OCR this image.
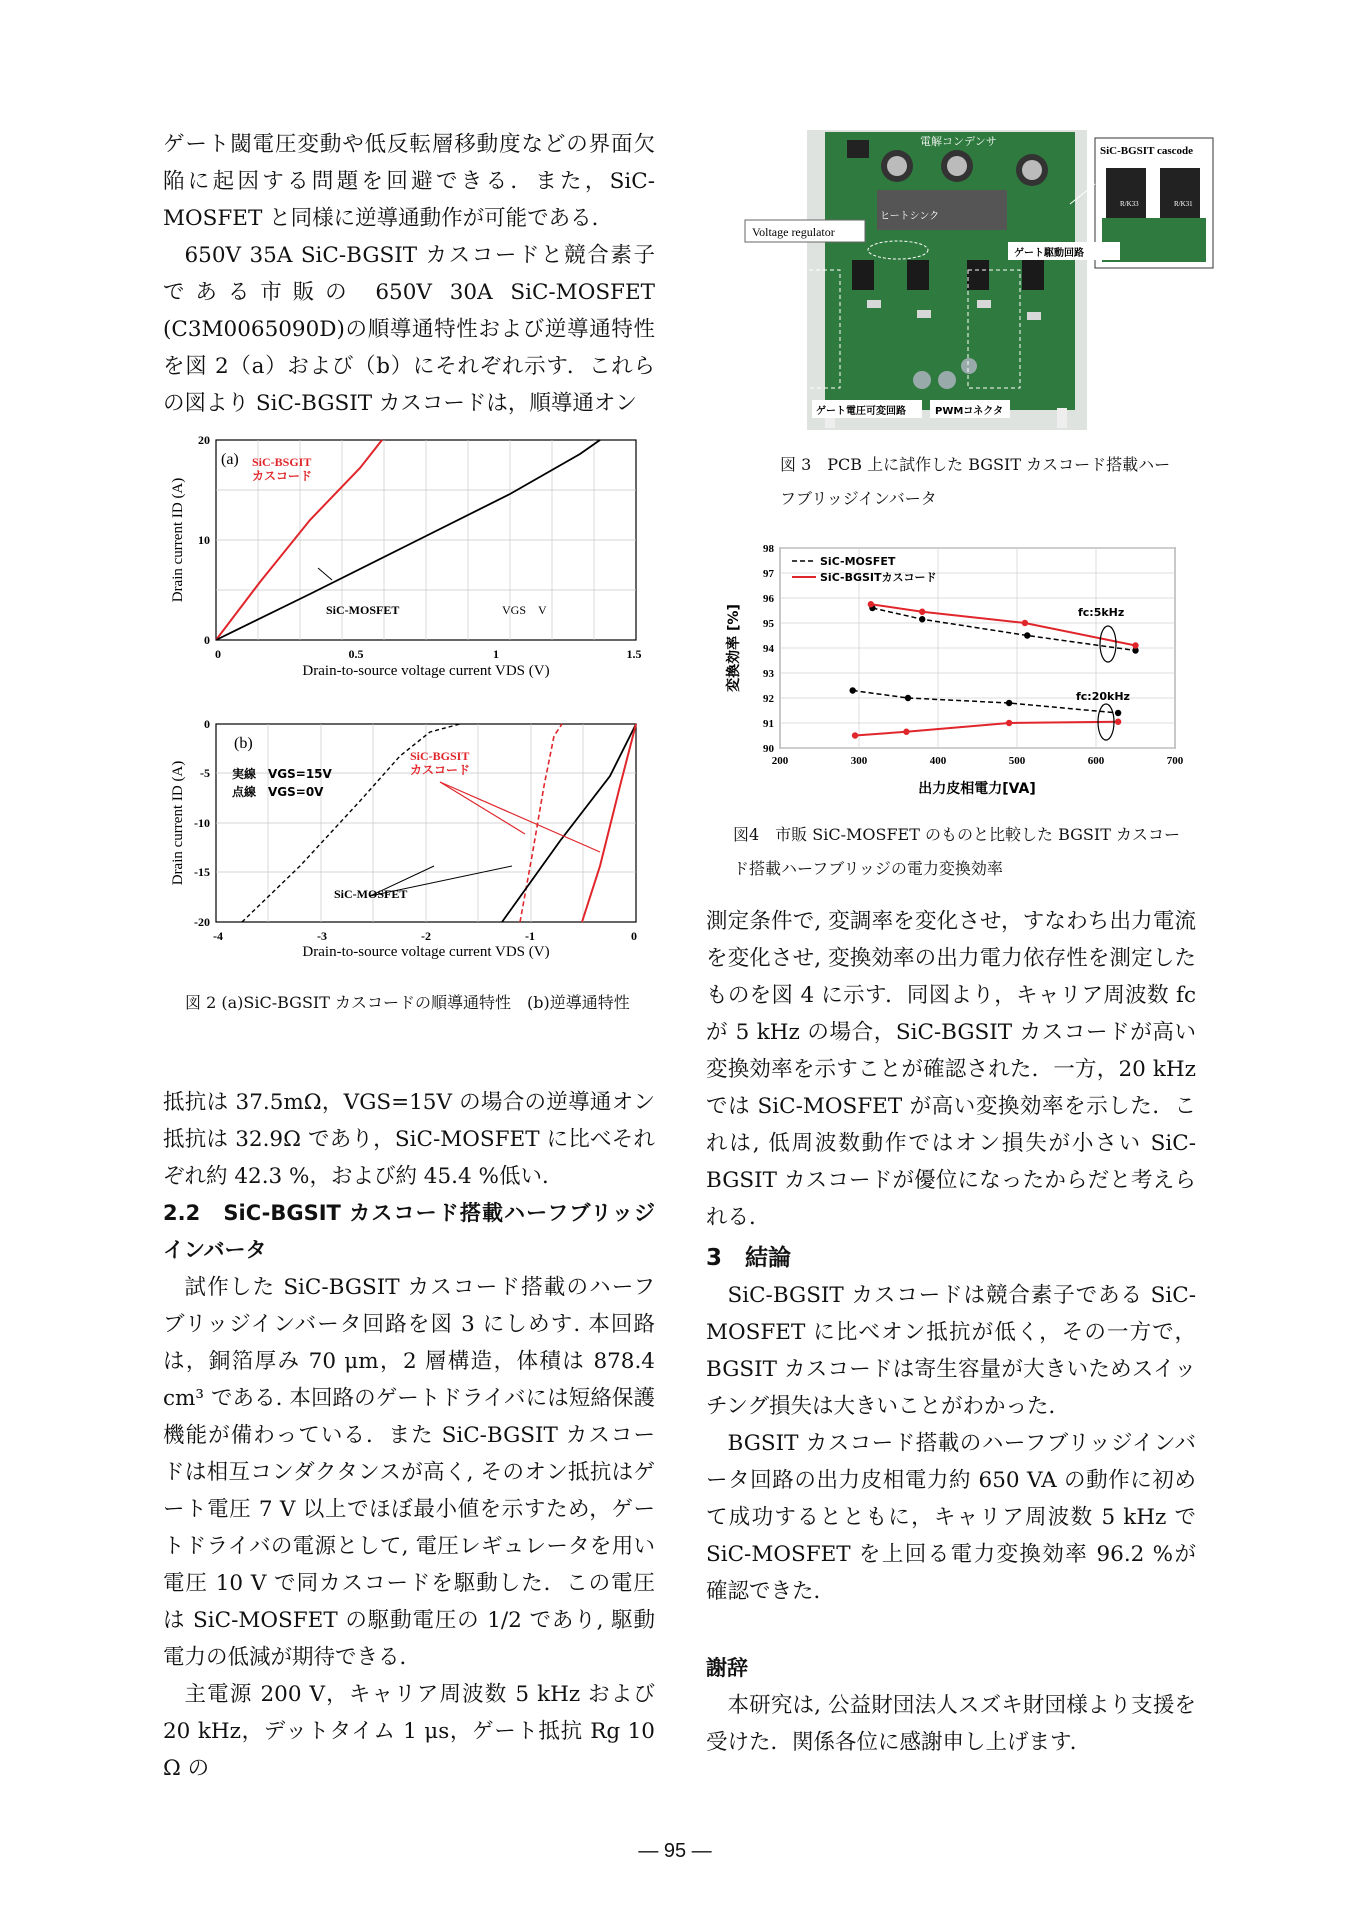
ゲート閾電圧変動や低反転層移動度などの界面欠陥に起因する問題を回避できる．また，SiC-MOSFET と同様に逆導通動作が可能である．

650V 35A SiC-BGSIT カスコードと競合素子である市販の 650V 30A SiC-MOSFET (C3M0065090D)の順導通特性および逆導通特性を図 2（a）および（b）にそれぞれ示す．これらの図より SiC-BGSIT カスコードは，順導通オン

(a) SiC-BSGIT
カスコード
SiC-MOSFET	VGS　V
20
10
0
0	0.5	1	1.5
Drain-to-source voltage current VDS (V)
Drain current ID (A)
(b)
実線　VGS=15V
点線　VGS=0V
SiC-BGSIT
カスコード
SiC-MOSFET
0
-5
-10
-15
-20
-4	-3	-2	-1	0
Drain-to-source voltage current VDS (V)
Drain current ID (A)
図 2 (a)SiC-BGSIT カスコードの順導通特性　(b)逆導通特性

抵抗は 37.5mΩ，VGS=15V の場合の逆導通オン抵抗は 32.9Ω であり，SiC-MOSFET に比べそれぞれ約 42.3 %，および約 45.4 %低い．

2.2　SiC-BGSIT カスコード搭載ハーフブリッジインバータ

試作した SiC-BGSIT カスコード搭載のハーフブリッジインバータ回路を図 3 にしめす. 本回路は，銅箔厚み 70 μm，2 層構造，体積は 878.4 cm³ である. 本回路のゲートドライバには短絡保護機能が備わっている．また SiC-BGSIT カスコードは相互コンダクタンスが高く, そのオン抵抗はゲート電圧 7 V 以上でほぼ最小値を示すため，ゲートドライバの電源として, 電圧レギュレータを用い電圧 10 V で同カスコードを駆動した．この電圧は SiC-MOSFET の駆動電圧の 1/2 であり, 駆動電力の低減が期待できる．

主電源 200 V，キャリア周波数 5 kHz および 20 kHz，デットタイム 1 μs，ゲート抵抗 Rg 10 Ω の

電解コンデンサ
SiC-BGSIT cascode
R/K33	R/K31
Voltage regulator
ヒートシンク
ゲート駆動回路
ゲート電圧可変回路	PWMコネクタ
図 3　PCB 上に試作した BGSIT カスコード搭載ハーフブリッジインバータ
90
91
92
93
94
95
96
97
98
200	300	400	500	600	700
SiC-MOSFET
SiC-BGSITカスコード
fc:5kHz
fc:20kHz
出力皮相電力[VA]
変換効率 [%]
図4　市販 SiC-MOSFET のものと比較した BGSIT カスコード搭載ハーフブリッジの電力変換効率

測定条件で, 変調率を変化させ，すなわち出力電流を変化させ, 変換効率の出力電力依存性を測定したものを図 4 に示す．同図より，キャリア周波数 fc が 5 kHz の場合，SiC-BGSIT カスコードが高い変換効率を示すことが確認された．一方，20 kHz では SiC-MOSFET が高い変換効率を示した．これは, 低周波数動作ではオン損失が小さい SiC-BGSIT カスコードが優位になったからだと考えられる．

3　結論

SiC-BGSIT カスコードは競合素子である SiC-MOSFET に比べオン抵抗が低く，その一方で，BGSIT カスコードは寄生容量が大きいためスイッチング損失は大きいことがわかった．

BGSIT カスコード搭載のハーフブリッジインバータ回路の出力皮相電力約 650 VA の動作に初めて成功するとともに，キャリア周波数 5 kHz で SiC-MOSFET を上回る電力変換効率 96.2 %が確認できた．

謝辞

本研究は, 公益財団法人スズキ財団様より支援を受けた．関係各位に感謝申し上げます．

― 95 ―
